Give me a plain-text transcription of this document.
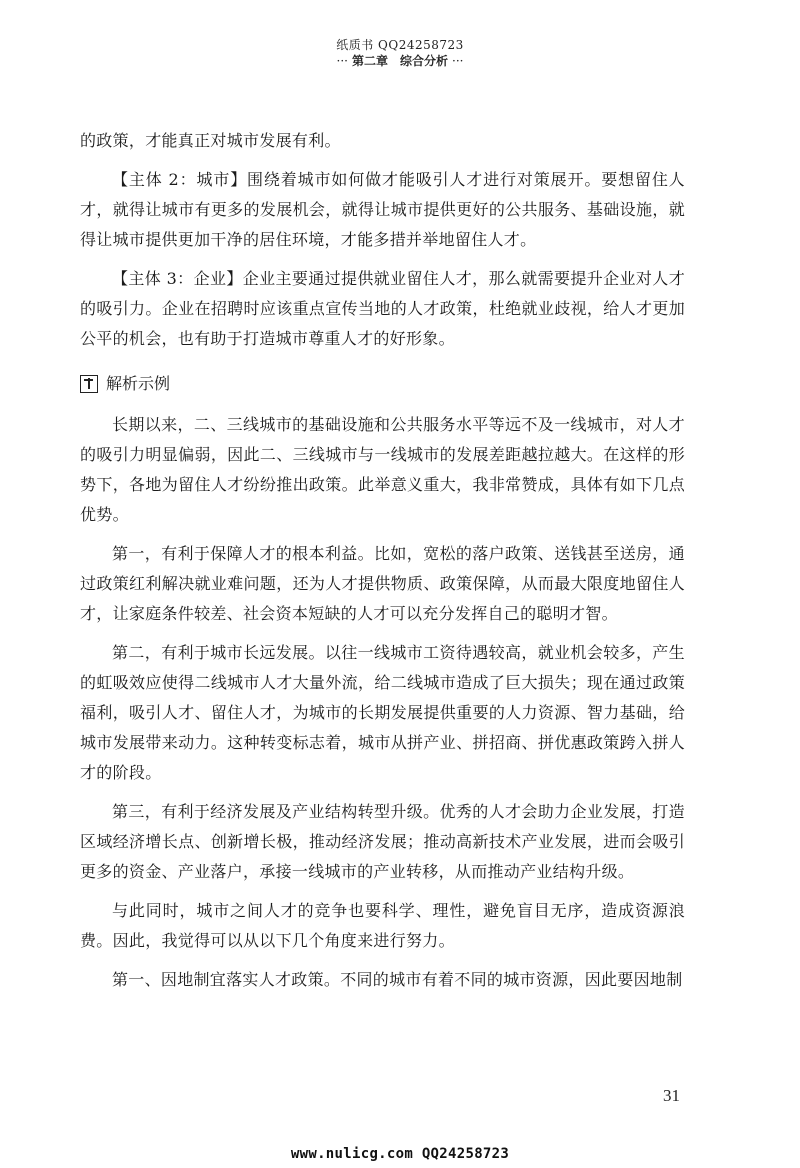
纸质书 QQ24258723
··· 第二章　综合分析 ···

的政策，才能真正对城市发展有利。

【主体 2：城市】围绕着城市如何做才能吸引人才进行对策展开。要想留住人才，就得让城市有更多的发展机会，就得让城市提供更好的公共服务、基础设施，就得让城市提供更加干净的居住环境，才能多措并举地留住人才。

【主体 3：企业】企业主要通过提供就业留住人才，那么就需要提升企业对人才的吸引力。企业在招聘时应该重点宣传当地的人才政策，杜绝就业歧视，给人才更加公平的机会，也有助于打造城市尊重人才的好形象。

解析示例

长期以来，二、三线城市的基础设施和公共服务水平等远不及一线城市，对人才的吸引力明显偏弱，因此二、三线城市与一线城市的发展差距越拉越大。在这样的形势下，各地为留住人才纷纷推出政策。此举意义重大，我非常赞成，具体有如下几点优势。

第一，有利于保障人才的根本利益。比如，宽松的落户政策、送钱甚至送房，通过政策红利解决就业难问题，还为人才提供物质、政策保障，从而最大限度地留住人才，让家庭条件较差、社会资本短缺的人才可以充分发挥自己的聪明才智。

第二，有利于城市长远发展。以往一线城市工资待遇较高，就业机会较多，产生的虹吸效应使得二线城市人才大量外流，给二线城市造成了巨大损失；现在通过政策福利，吸引人才、留住人才，为城市的长期发展提供重要的人力资源、智力基础，给城市发展带来动力。这种转变标志着，城市从拼产业、拼招商、拼优惠政策跨入拼人才的阶段。

第三，有利于经济发展及产业结构转型升级。优秀的人才会助力企业发展，打造区域经济增长点、创新增长极，推动经济发展；推动高新技术产业发展，进而会吸引更多的资金、产业落户，承接一线城市的产业转移，从而推动产业结构升级。

与此同时，城市之间人才的竞争也要科学、理性，避免盲目无序，造成资源浪费。因此，我觉得可以从以下几个角度来进行努力。

第一、因地制宜落实人才政策。不同的城市有着不同的城市资源，因此要因地制

31
www.nulicg.com QQ24258723
